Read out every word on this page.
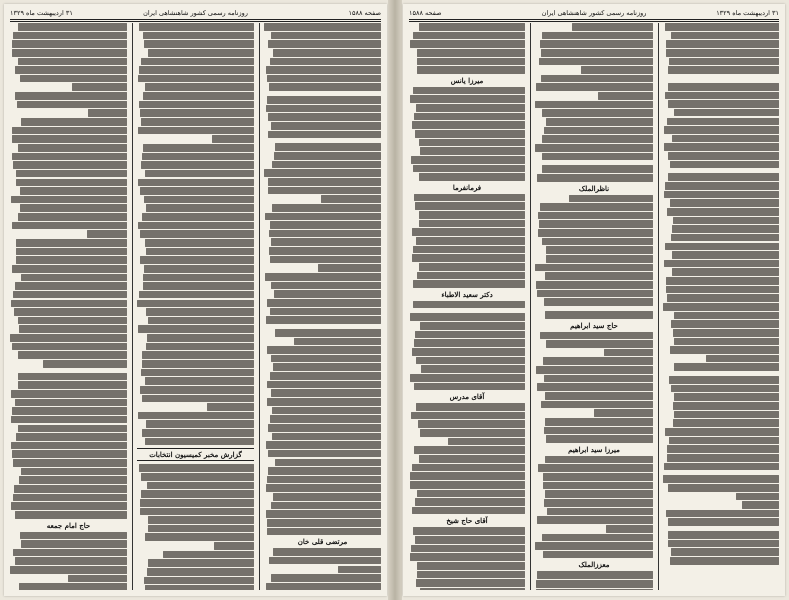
۳۱ اردیبهشت ماه ۱۳۲۹	روزنامه رسمی کشور شاهنشاهی ایران	صفحه ۱۵۸۸
حاج امام جمعه
گزارش مخبر کمیسیون انتخابات
مرتضی قلی خان
صفحه ۱۵۸۸	روزنامه رسمی کشور شاهنشاهی ایران	۳۱ اردیبهشت ماه ۱۳۲۹
میرزا یانس
فرمانفرما
دکتر سعید الاطباء
آقای مدرس
آقای حاج شیخ
ناظرالملک
حاج سید ابراهیم
میرزا سید ابراهیم
معززالملک
